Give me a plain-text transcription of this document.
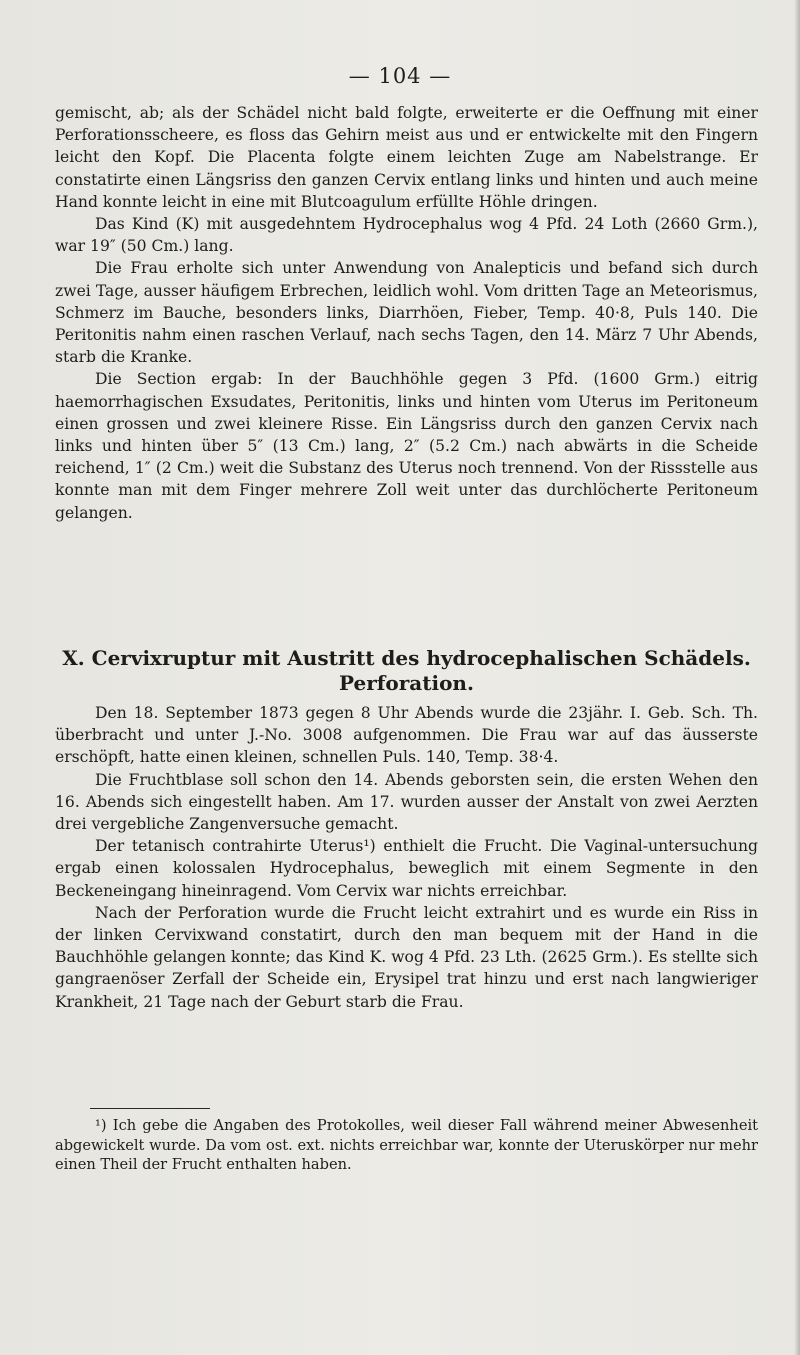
— 104 —

gemischt, ab; als der Schädel nicht bald folgte, erweiterte er die Oeffnung mit einer Perforationsscheere, es floss das Gehirn meist aus und er entwickelte mit den Fingern leicht den Kopf. Die Placenta folgte einem leichten Zuge am Nabelstrange. Er constatirte einen Längsriss den ganzen Cervix entlang links und hinten und auch meine Hand konnte leicht in eine mit Blutcoagulum erfüllte Höhle dringen.

Das Kind (K) mit ausgedehntem Hydrocephalus wog 4 Pfd. 24 Loth (2660 Grm.), war 19″ (50 Cm.) lang.

Die Frau erholte sich unter Anwendung von Analepticis und befand sich durch zwei Tage, ausser häufigem Erbrechen, leidlich wohl. Vom dritten Tage an Meteorismus, Schmerz im Bauche, besonders links, Diarrhöen, Fieber, Temp. 40·8, Puls 140. Die Peritonitis nahm einen raschen Verlauf, nach sechs Tagen, den 14. März 7 Uhr Abends, starb die Kranke.

Die Section ergab: In der Bauchhöhle gegen 3 Pfd. (1600 Grm.) eitrig haemorrhagischen Exsudates, Peritonitis, links und hinten vom Uterus im Peritoneum einen grossen und zwei kleinere Risse. Ein Längsriss durch den ganzen Cervix nach links und hinten über 5″ (13 Cm.) lang, 2″ (5.2 Cm.) nach abwärts in die Scheide reichend, 1″ (2 Cm.) weit die Substanz des Uterus noch trennend. Von der Rissstelle aus konnte man mit dem Finger mehrere Zoll weit unter das durchlöcherte Peritoneum gelangen.

X. Cervixruptur mit Austritt des hydrocephalischen Schädels. Perforation.

Den 18. September 1873 gegen 8 Uhr Abends wurde die 23jähr. I. Geb. Sch. Th. überbracht und unter J.-No. 3008 aufgenommen. Die Frau war auf das äusserste erschöpft, hatte einen kleinen, schnellen Puls. 140, Temp. 38·4.

Die Fruchtblase soll schon den 14. Abends geborsten sein, die ersten Wehen den 16. Abends sich eingestellt haben. Am 17. wurden ausser der Anstalt von zwei Aerzten drei vergebliche Zangenversuche gemacht.

Der tetanisch contrahirte Uterus¹) enthielt die Frucht. Die Vaginal-untersuchung ergab einen kolossalen Hydrocephalus, beweglich mit einem Segmente in den Beckeneingang hineinragend. Vom Cervix war nichts erreichbar.

Nach der Perforation wurde die Frucht leicht extrahirt und es wurde ein Riss in der linken Cervixwand constatirt, durch den man bequem mit der Hand in die Bauchhöhle gelangen konnte; das Kind K. wog 4 Pfd. 23 Lth. (2625 Grm.). Es stellte sich gangraenöser Zerfall der Scheide ein, Erysipel trat hinzu und erst nach langwieriger Krankheit, 21 Tage nach der Geburt starb die Frau.

¹) Ich gebe die Angaben des Protokolles, weil dieser Fall während meiner Abwesenheit abgewickelt wurde. Da vom ost. ext. nichts erreichbar war, konnte der Uteruskörper nur mehr einen Theil der Frucht enthalten haben.
